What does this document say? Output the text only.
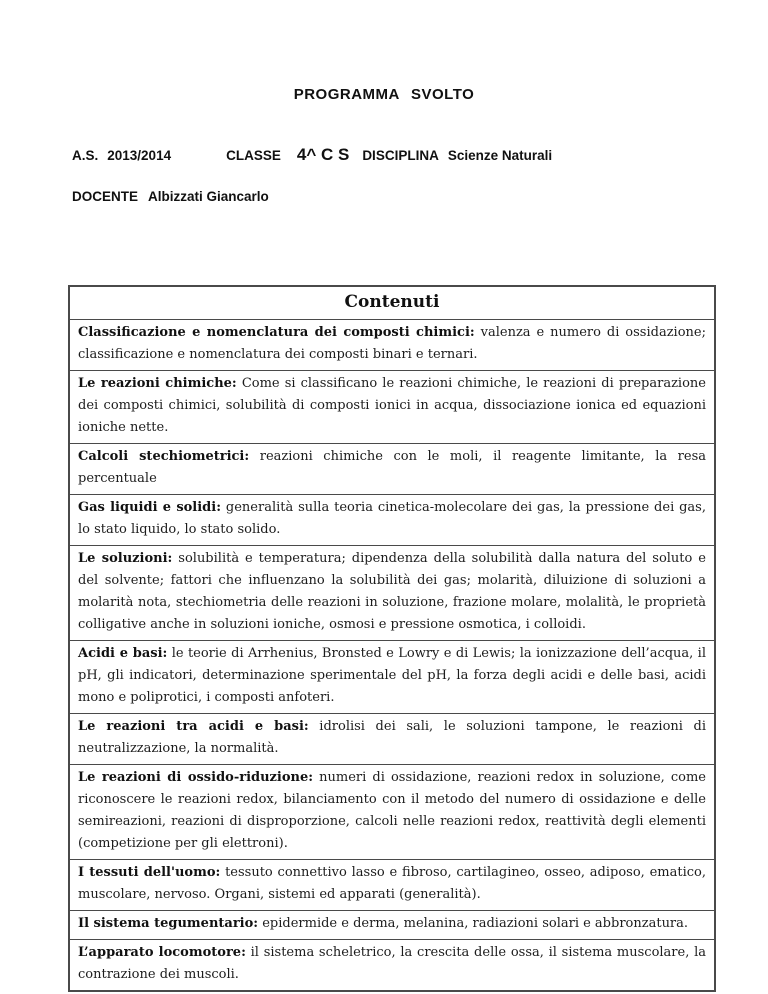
PROGRAMMA SVOLTO
A.S. 2013/2014	CLASSE 4^ C S DISCIPLINA Scienze Naturali
DOCENTE Albizzati Giancarlo
Contenuti
Classificazione e nomenclatura dei composti chimici: valenza e numero di ossidazione; classificazione e nomenclatura dei composti binari e ternari.
Le reazioni chimiche: Come si classificano le reazioni chimiche, le reazioni di preparazione dei composti chimici, solubilità di composti ionici in acqua, dissociazione ionica ed equazioni ioniche nette.
Calcoli stechiometrici: reazioni chimiche con le moli, il reagente limitante, la resa percentuale
Gas liquidi e solidi: generalità sulla teoria cinetica-molecolare dei gas, la pressione dei gas, lo stato liquido, lo stato solido.
Le soluzioni: solubilità e temperatura; dipendenza della solubilità dalla natura del soluto e del solvente; fattori che influenzano la solubilità dei gas; molarità, diluizione di soluzioni a molarità nota, stechiometria delle reazioni in soluzione, frazione molare, molalità, le proprietà colligative anche in soluzioni ioniche, osmosi e pressione osmotica, i colloidi.
Acidi e basi: le teorie di Arrhenius, Bronsted e Lowry e di Lewis; la ionizzazione dell’acqua, il pH, gli indicatori, determinazione sperimentale del pH, la forza degli acidi e delle basi, acidi mono e poliprotici, i composti anfoteri.
Le reazioni tra acidi e basi: idrolisi dei sali, le soluzioni tampone, le reazioni di neutralizzazione, la normalità.
Le reazioni di ossido-riduzione: numeri di ossidazione, reazioni redox in soluzione, come riconoscere le reazioni redox, bilanciamento con il metodo del numero di ossidazione e delle semireazioni, reazioni di disproporzione, calcoli nelle reazioni redox, reattività degli elementi (competizione per gli elettroni).
I tessuti dell'uomo: tessuto connettivo lasso e fibroso, cartilagineo, osseo, adiposo, ematico, muscolare, nervoso. Organi, sistemi ed apparati (generalità).
Il sistema tegumentario: epidermide e derma, melanina, radiazioni solari e abbronzatura.
L’apparato locomotore: il sistema scheletrico, la crescita delle ossa, il sistema muscolare, la contrazione dei muscoli.
